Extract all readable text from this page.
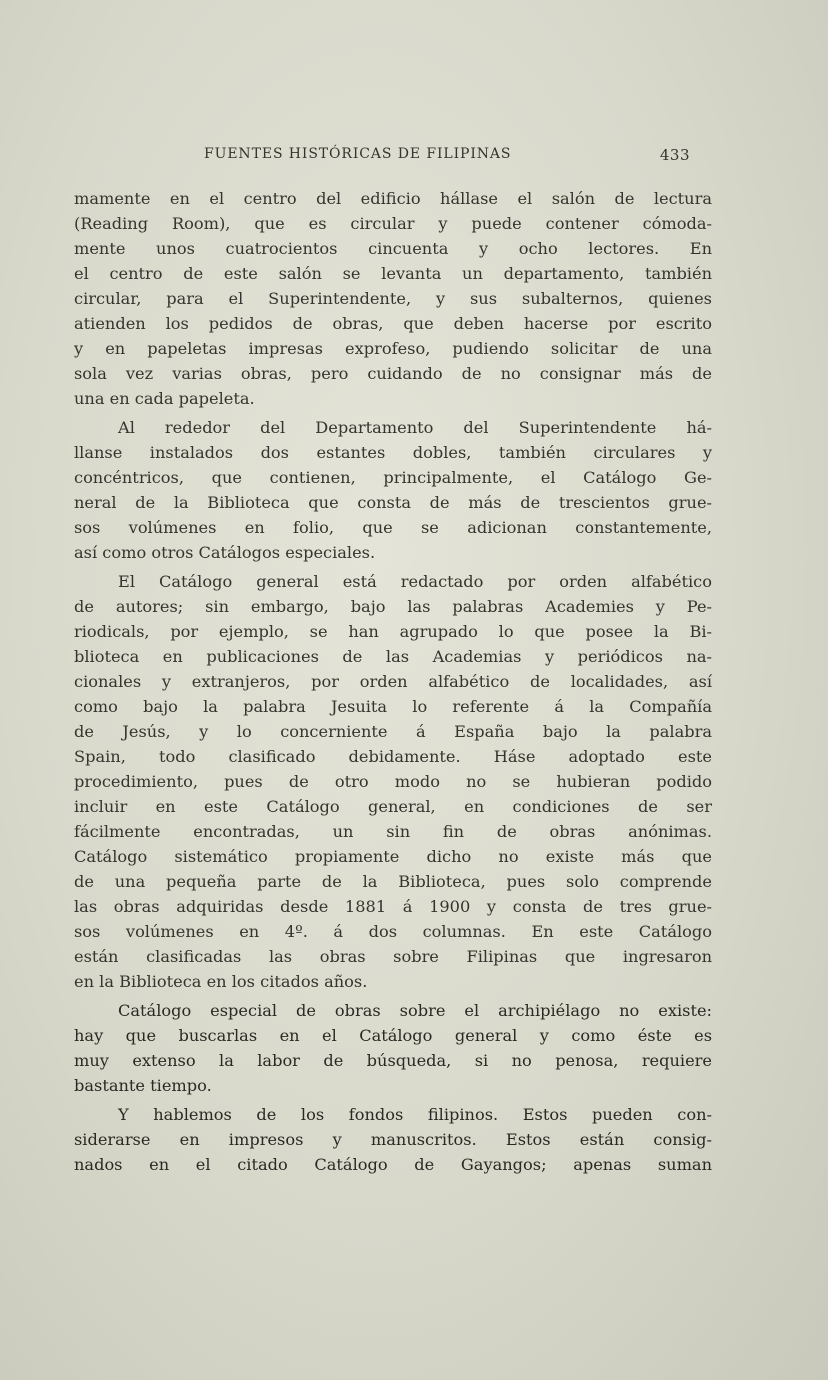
FUENTES HISTÓRICAS DE FILIPINAS	433
mamente en el centro del edificio hállase el salón de lectura
(Reading Room), que es circular y puede contener cómoda-
mente unos cuatrocientos cincuenta y ocho lectores. En
el centro de este salón se levanta un departamento, también
circular, para el Superintendente, y sus subalternos, quienes
atienden los pedidos de obras, que deben hacerse por escrito
y en papeletas impresas exprofeso, pudiendo solicitar de una
sola vez varias obras, pero cuidando de no consignar más de
una en cada papeleta.
Al rededor del Departamento del Superintendente há-
llanse instalados dos estantes dobles, también circulares y
concéntricos, que contienen, principalmente, el Catálogo Ge-
neral de la Biblioteca que consta de más de trescientos grue-
sos volúmenes en folio, que se adicionan constantemente,
así como otros Catálogos especiales.
El Catálogo general está redactado por orden alfabético
de autores; sin embargo, bajo las palabras Academies y Pe-
riodicals, por ejemplo, se han agrupado lo que posee la Bi-
blioteca en publicaciones de las Academias y periódicos na-
cionales y extranjeros, por orden alfabético de localidades, así
como bajo la palabra Jesuita lo referente á la Compañía
de Jesús, y lo concerniente á España bajo la palabra
Spain, todo clasificado debidamente. Háse adoptado este
procedimiento, pues de otro modo no se hubieran podido
incluir en este Catálogo general, en condiciones de ser
fácilmente encontradas, un sin fin de obras anónimas.
Catálogo sistemático propiamente dicho no existe más que
de una pequeña parte de la Biblioteca, pues solo comprende
las obras adquiridas desde 1881 á 1900 y consta de tres grue-
sos volúmenes en 4º. á dos columnas. En este Catálogo
están clasificadas las obras sobre Filipinas que ingresaron
en la Biblioteca en los citados años.
Catálogo especial de obras sobre el archipiélago no existe:
hay que buscarlas en el Catálogo general y como éste es
muy extenso la labor de búsqueda, si no penosa, requiere
bastante tiempo.
Y hablemos de los fondos filipinos. Estos pueden con-
siderarse en impresos y manuscritos. Estos están consig-
nados en el citado Catálogo de Gayangos; apenas suman
